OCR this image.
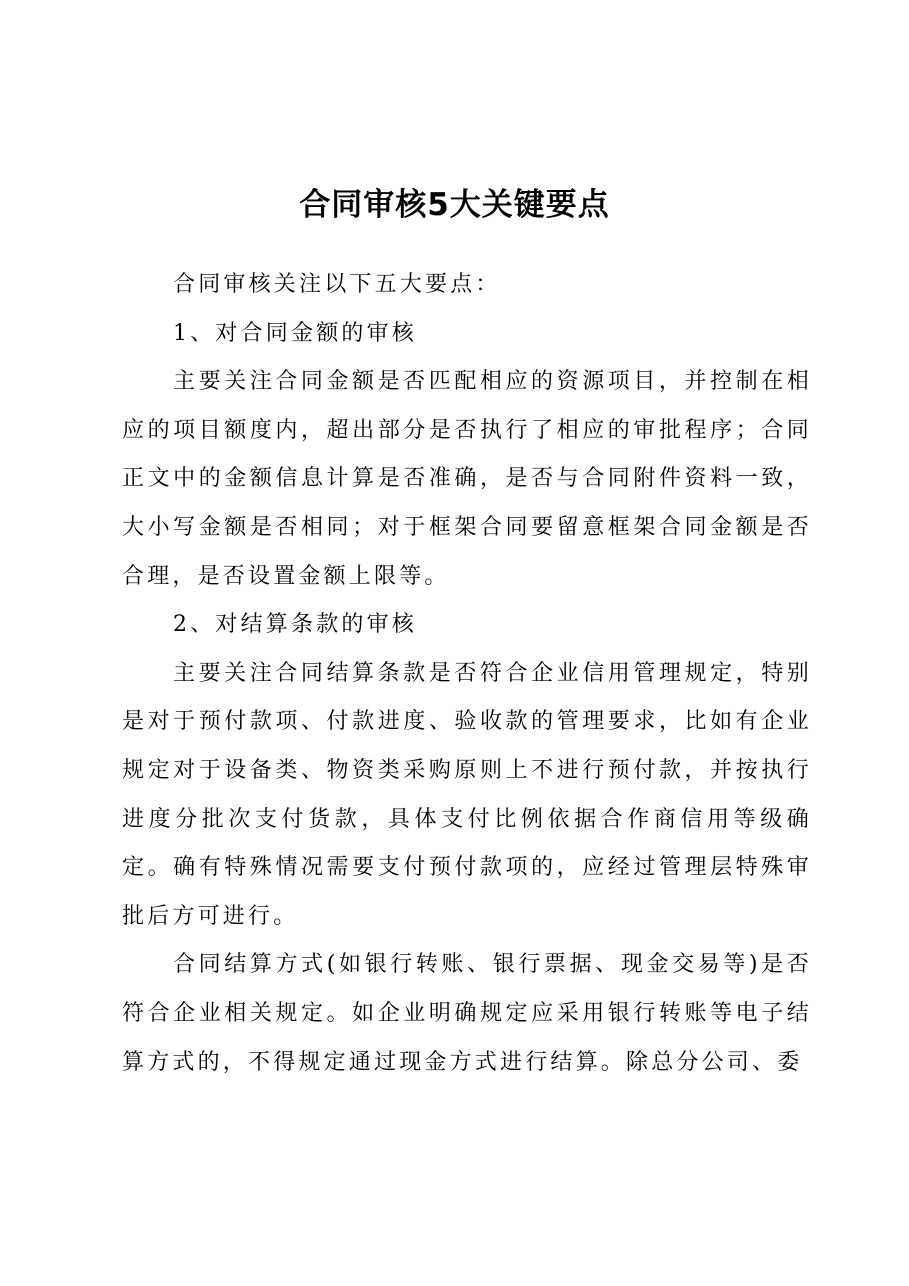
合同审核5大关键要点

合同审核关注以下五大要点：

1、对合同金额的审核

主要关注合同金额是否匹配相应的资源项目，并控制在相应的项目额度内，超出部分是否执行了相应的审批程序；合同正文中的金额信息计算是否准确，是否与合同附件资料一致，大小写金额是否相同；对于框架合同要留意框架合同金额是否合理，是否设置金额上限等。

2、对结算条款的审核

主要关注合同结算条款是否符合企业信用管理规定，特别是对于预付款项、付款进度、验收款的管理要求，比如有企业规定对于设备类、物资类采购原则上不进行预付款，并按执行进度分批次支付货款，具体支付比例依据合作商信用等级确定。确有特殊情况需要支付预付款项的，应经过管理层特殊审批后方可进行。

合同结算方式(如银行转账、银行票据、现金交易等)是否符合企业相关规定。如企业明确规定应采用银行转账等电子结算方式的，不得规定通过现金方式进行结算。除总分公司、委
